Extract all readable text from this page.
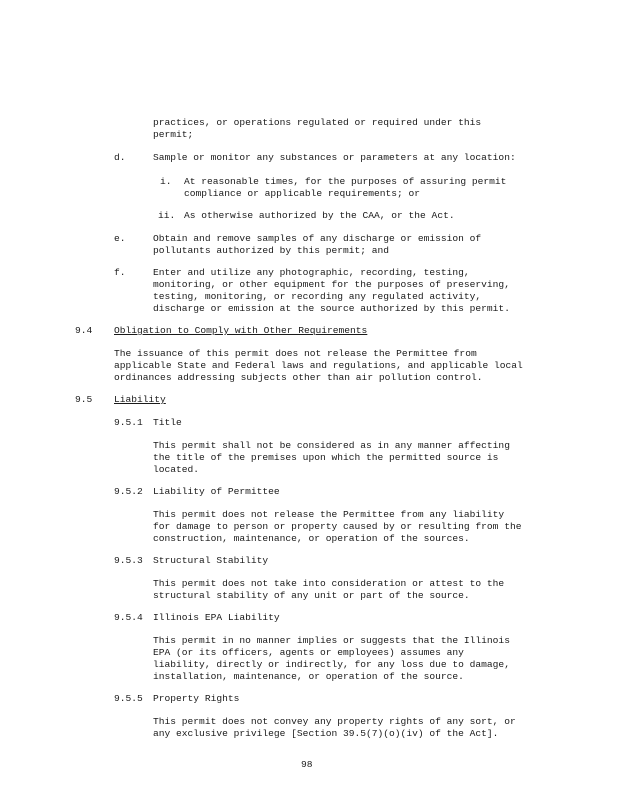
practices, or operations regulated or required under this
permit;
d.	Sample or monitor any substances or parameters at any location:
i. At reasonable times, for the purposes of assuring permit
compliance or applicable requirements; or
ii. As otherwise authorized by the CAA, or the Act.
e.	Obtain and remove samples of any discharge or emission of
pollutants authorized by this permit; and
f.	Enter and utilize any photographic, recording, testing,
monitoring, or other equipment for the purposes of preserving,
testing, monitoring, or recording any regulated activity,
discharge or emission at the source authorized by this permit.
9.4 Obligation to Comply with Other Requirements
The issuance of this permit does not release the Permittee from
applicable State and Federal laws and regulations, and applicable local
ordinances addressing subjects other than air pollution control.
9.5 Liability
9.5.1 Title
This permit shall not be considered as in any manner affecting
the title of the premises upon which the permitted source is
located.
9.5.2 Liability of Permittee
This permit does not release the Permittee from any liability
for damage to person or property caused by or resulting from the
construction, maintenance, or operation of the sources.
9.5.3 Structural Stability
This permit does not take into consideration or attest to the
structural stability of any unit or part of the source.
9.5.4 Illinois EPA Liability
This permit in no manner implies or suggests that the Illinois
EPA (or its officers, agents or employees) assumes any
liability, directly or indirectly, for any loss due to damage,
installation, maintenance, or operation of the source.
9.5.5 Property Rights
This permit does not convey any property rights of any sort, or
any exclusive privilege [Section 39.5(7)(o)(iv) of the Act].
98
